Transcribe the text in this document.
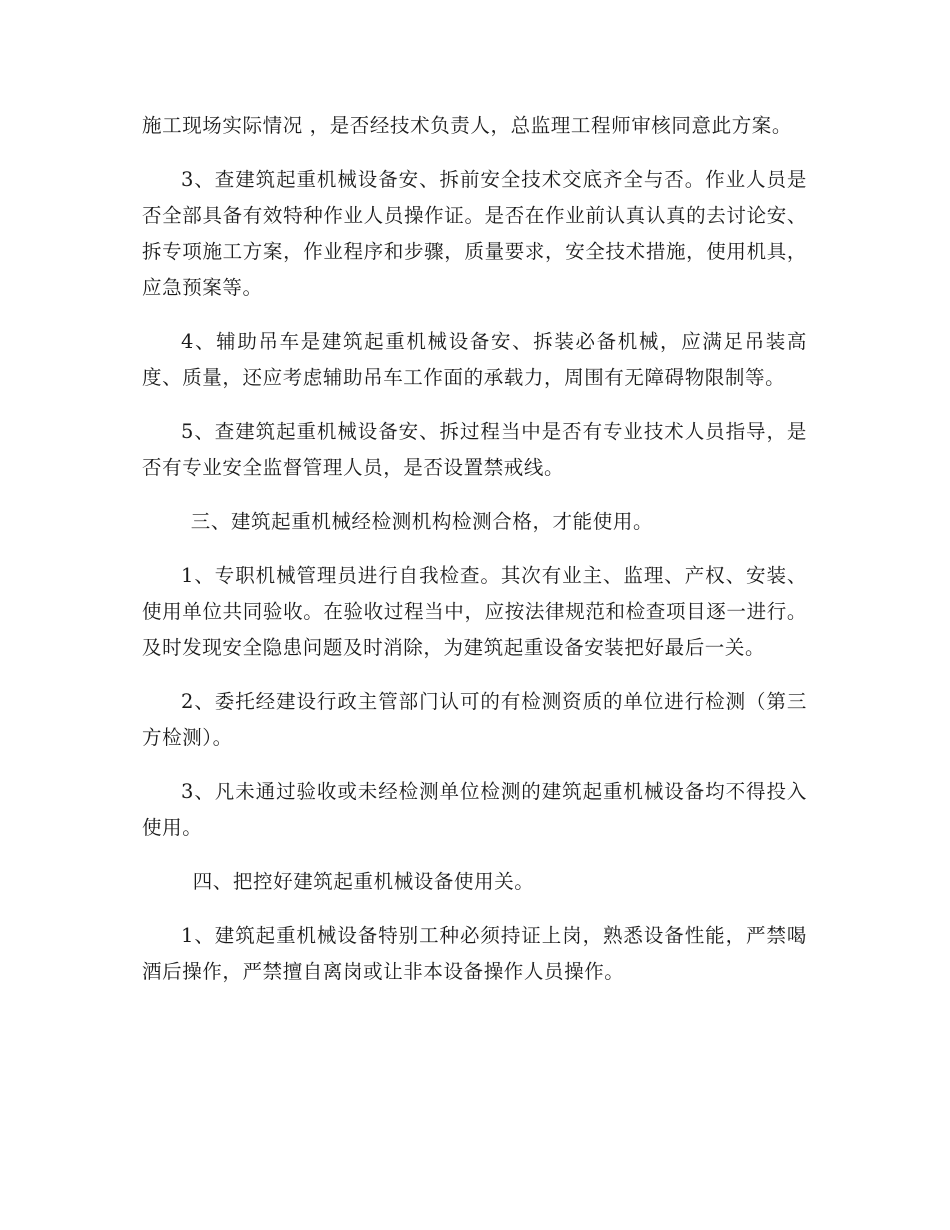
施工现场实际情况 ，是否经技术负责人，总监理工程师审核同意此方案。

3、查建筑起重机械设备安、拆前安全技术交底齐全与否。作业人员是否全部具备有效特种作业人员操作证。是否在作业前认真认真的去讨论安、拆专项施工方案，作业程序和步骤，质量要求，安全技术措施，使用机具，应急预案等。

4、辅助吊车是建筑起重机械设备安、拆装必备机械，应满足吊装高度、质量，还应考虑辅助吊车工作面的承载力，周围有无障碍物限制等。

5、查建筑起重机械设备安、拆过程当中是否有专业技术人员指导，是否有专业安全监督管理人员，是否设置禁戒线。

三、建筑起重机械经检测机构检测合格，才能使用。

1、专职机械管理员进行自我检查。其次有业主、监理、产权、安装、使用单位共同验收。在验收过程当中，应按法律规范和检查项目逐一进行。及时发现安全隐患问题及时消除，为建筑起重设备安装把好最后一关。

2、委托经建设行政主管部门认可的有检测资质的单位进行检测（第三方检测）。

3、凡未通过验收或未经检测单位检测的建筑起重机械设备均不得投入使用。

四、把控好建筑起重机械设备使用关。

1、建筑起重机械设备特别工种必须持证上岗，熟悉设备性能，严禁喝酒后操作，严禁擅自离岗或让非本设备操作人员操作。
